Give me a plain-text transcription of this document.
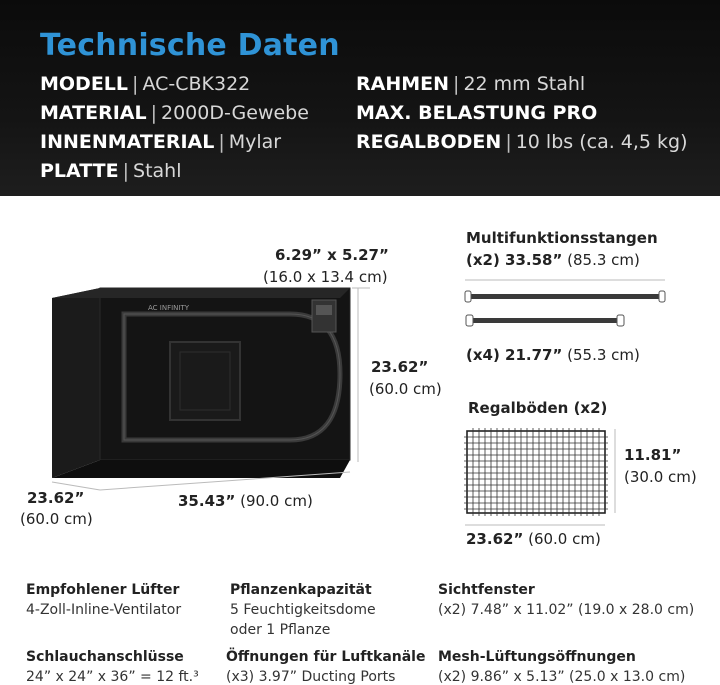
Technische Daten
MODELL | AC-CBK322
MATERIAL | 2000D-Gewebe
INNENMATERIAL | Mylar
PLATTE | Stahl
RAHMEN | 22 mm Stahl
MAX. BELASTUNG PRO
REGALBODEN | 10 lbs (ca. 4,5 kg)
6.29” x 5.27”
(16.0 x 13.4 cm)
AC INFINITY
23.62”
(60.0 cm)
23.62”
(60.0 cm)
35.43” (90.0 cm)
Multifunktionsstangen
(x2) 33.58” (85.3 cm)
(x4) 21.77” (55.3 cm)
Regalböden (x2)
11.81”
(30.0 cm)
23.62” (60.0 cm)
Empfohlener Lüfter
4-Zoll-Inline-Ventilator
Pflanzenkapazität
5 Feuchtigkeitsdome
oder 1 Pflanze
Sichtfenster
(x2) 7.48” x 11.02” (19.0 x 28.0 cm)
Schlauchanschlüsse
24” x 24” x 36” = 12 ft.³
Öffnungen für Luftkanäle
(x3) 3.97” Ducting Ports
Mesh-Lüftungsöffnungen
(x2) 9.86” x 5.13” (25.0 x 13.0 cm)
